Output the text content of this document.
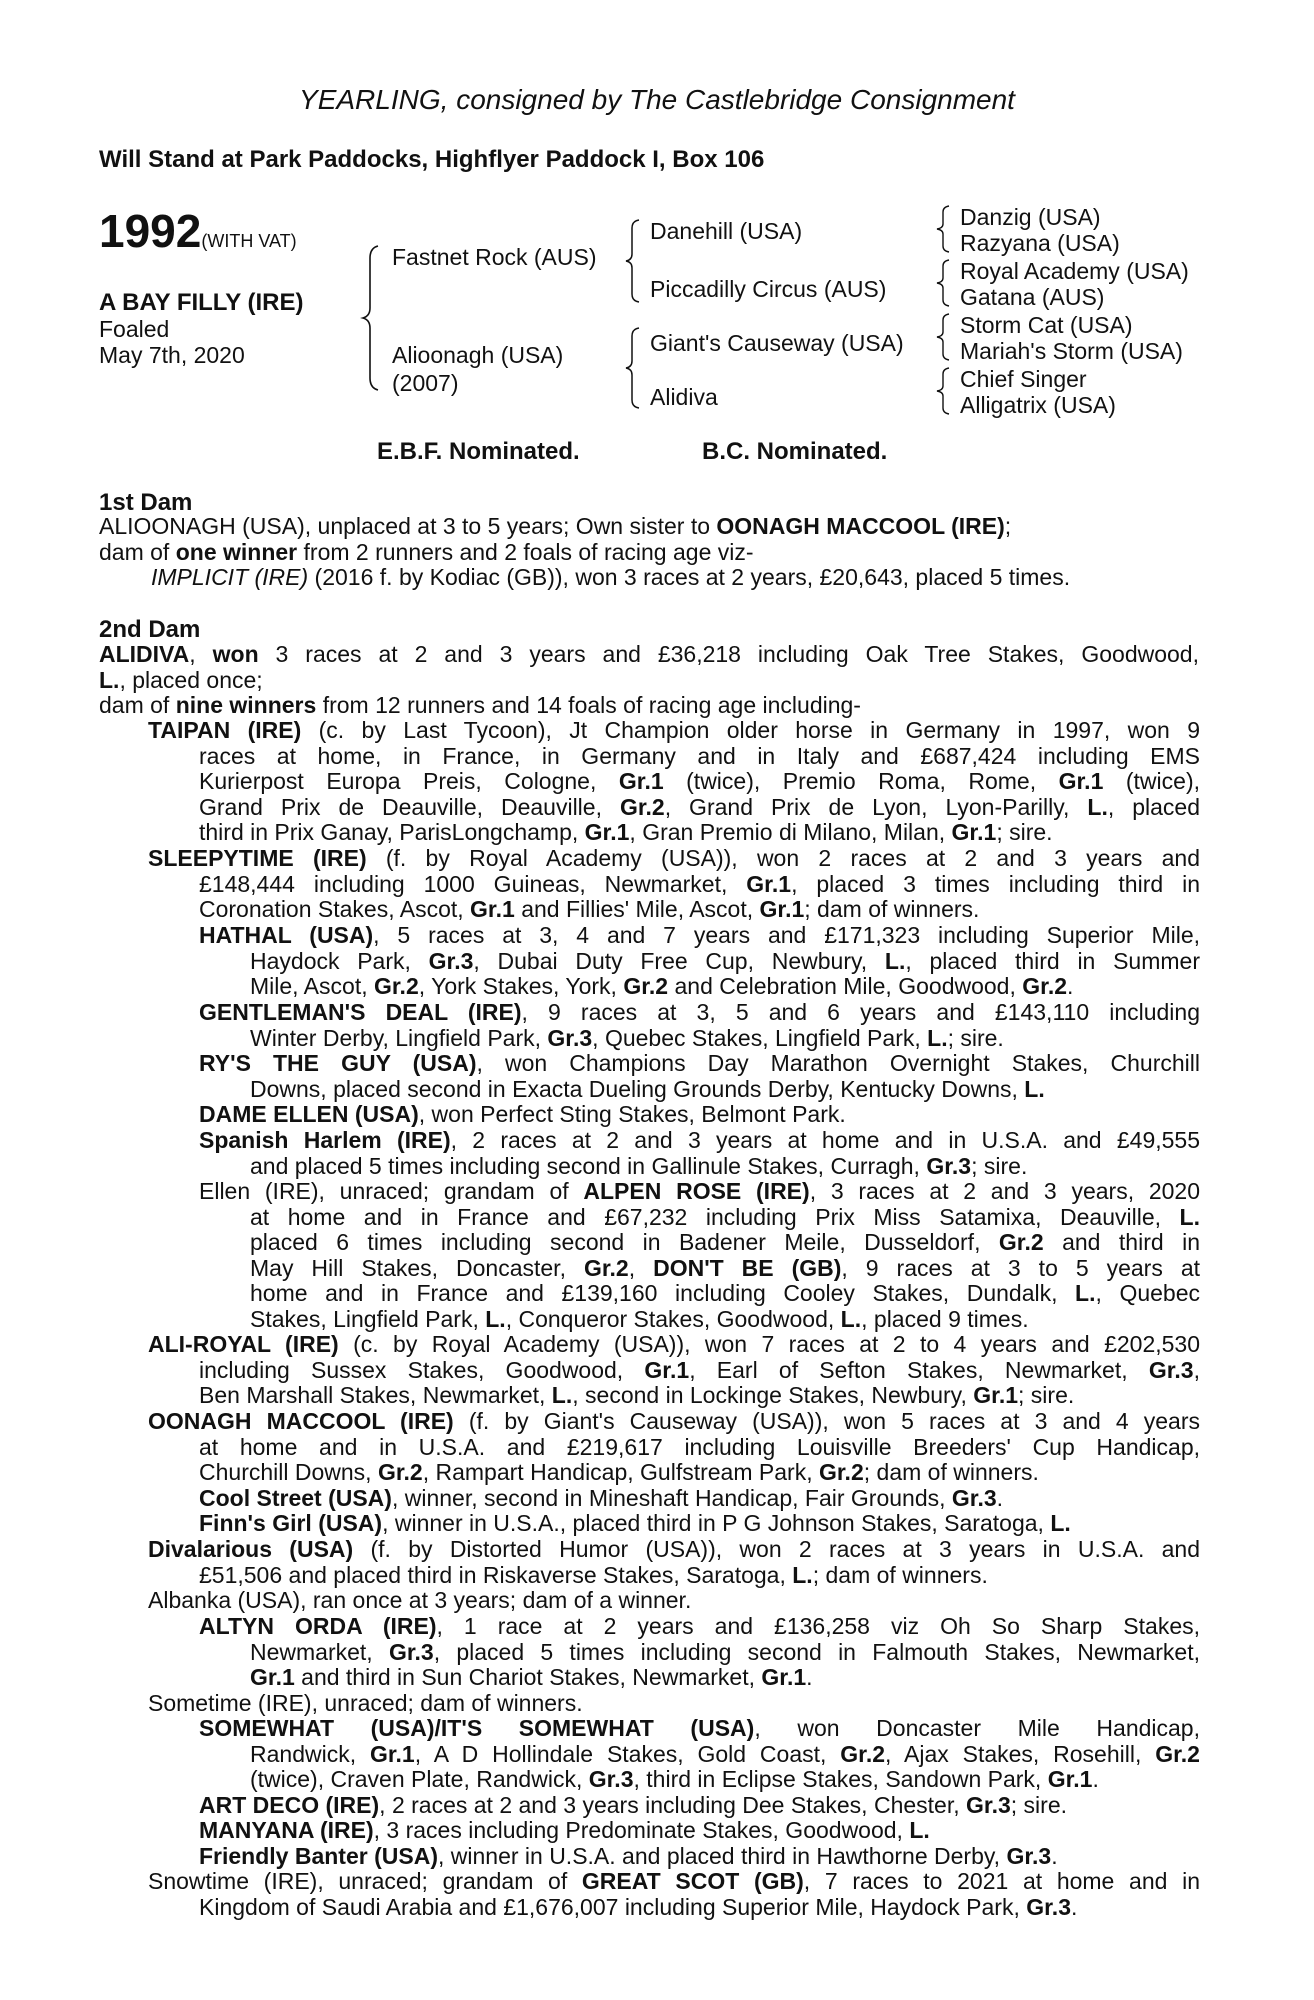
YEARLING, consigned by The Castlebridge Consignment
Will Stand at Park Paddocks, Highflyer Paddock I, Box 106
1992(WITH VAT)
A BAY FILLY (IRE)
Foaled
May 7th, 2020
Fastnet Rock (AUS)
Alioonagh (USA)
(2007)
Danehill (USA)
Piccadilly Circus (AUS)
Giant's Causeway (USA)
Alidiva
Danzig (USA)
Razyana (USA)
Royal Academy (USA)
Gatana (AUS)
Storm Cat (USA)
Mariah's Storm (USA)
Chief Singer
Alligatrix (USA)
E.B.F. Nominated.	B.C. Nominated.
1st Dam
ALIOONAGH (USA), unplaced at 3 to 5 years; Own sister to OONAGH MACCOOL (IRE);
dam of one winner from 2 runners and 2 foals of racing age viz-
IMPLICIT (IRE) (2016 f. by Kodiac (GB)), won 3 races at 2 years, £20,643, placed 5 times.
2nd Dam
ALIDIVA, won 3 races at 2 and 3 years and £36,218 including Oak Tree Stakes, Goodwood,
L., placed once;
dam of nine winners from 12 runners and 14 foals of racing age including-
TAIPAN (IRE) (c. by Last Tycoon), Jt Champion older horse in Germany in 1997, won 9
races at home, in France, in Germany and in Italy and £687,424 including EMS
Kurierpost Europa Preis, Cologne, Gr.1 (twice), Premio Roma, Rome, Gr.1 (twice),
Grand Prix de Deauville, Deauville, Gr.2, Grand Prix de Lyon, Lyon-Parilly, L., placed
third in Prix Ganay, ParisLongchamp, Gr.1, Gran Premio di Milano, Milan, Gr.1; sire.
SLEEPYTIME (IRE) (f. by Royal Academy (USA)), won 2 races at 2 and 3 years and
£148,444 including 1000 Guineas, Newmarket, Gr.1, placed 3 times including third in
Coronation Stakes, Ascot, Gr.1 and Fillies' Mile, Ascot, Gr.1; dam of winners.
HATHAL (USA), 5 races at 3, 4 and 7 years and £171,323 including Superior Mile,
Haydock Park, Gr.3, Dubai Duty Free Cup, Newbury, L., placed third in Summer
Mile, Ascot, Gr.2, York Stakes, York, Gr.2 and Celebration Mile, Goodwood, Gr.2.
GENTLEMAN'S DEAL (IRE), 9 races at 3, 5 and 6 years and £143,110 including
Winter Derby, Lingfield Park, Gr.3, Quebec Stakes, Lingfield Park, L.; sire.
RY'S THE GUY (USA), won Champions Day Marathon Overnight Stakes, Churchill
Downs, placed second in Exacta Dueling Grounds Derby, Kentucky Downs, L.
DAME ELLEN (USA), won Perfect Sting Stakes, Belmont Park.
Spanish Harlem (IRE), 2 races at 2 and 3 years at home and in U.S.A. and £49,555
and placed 5 times including second in Gallinule Stakes, Curragh, Gr.3; sire.
Ellen (IRE), unraced; grandam of ALPEN ROSE (IRE), 3 races at 2 and 3 years, 2020
at home and in France and £67,232 including Prix Miss Satamixa, Deauville, L.
placed 6 times including second in Badener Meile, Dusseldorf, Gr.2 and third in
May Hill Stakes, Doncaster, Gr.2, DON'T BE (GB), 9 races at 3 to 5 years at
home and in France and £139,160 including Cooley Stakes, Dundalk, L., Quebec
Stakes, Lingfield Park, L., Conqueror Stakes, Goodwood, L., placed 9 times.
ALI-ROYAL (IRE) (c. by Royal Academy (USA)), won 7 races at 2 to 4 years and £202,530
including Sussex Stakes, Goodwood, Gr.1, Earl of Sefton Stakes, Newmarket, Gr.3,
Ben Marshall Stakes, Newmarket, L., second in Lockinge Stakes, Newbury, Gr.1; sire.
OONAGH MACCOOL (IRE) (f. by Giant's Causeway (USA)), won 5 races at 3 and 4 years
at home and in U.S.A. and £219,617 including Louisville Breeders' Cup Handicap,
Churchill Downs, Gr.2, Rampart Handicap, Gulfstream Park, Gr.2; dam of winners.
Cool Street (USA), winner, second in Mineshaft Handicap, Fair Grounds, Gr.3.
Finn's Girl (USA), winner in U.S.A., placed third in P G Johnson Stakes, Saratoga, L.
Divalarious (USA) (f. by Distorted Humor (USA)), won 2 races at 3 years in U.S.A. and
£51,506 and placed third in Riskaverse Stakes, Saratoga, L.; dam of winners.
Albanka (USA), ran once at 3 years; dam of a winner.
ALTYN ORDA (IRE), 1 race at 2 years and £136,258 viz Oh So Sharp Stakes,
Newmarket, Gr.3, placed 5 times including second in Falmouth Stakes, Newmarket,
Gr.1 and third in Sun Chariot Stakes, Newmarket, Gr.1.
Sometime (IRE), unraced; dam of winners.
SOMEWHAT (USA)/IT'S SOMEWHAT (USA), won Doncaster Mile Handicap,
Randwick, Gr.1, A D Hollindale Stakes, Gold Coast, Gr.2, Ajax Stakes, Rosehill, Gr.2
(twice), Craven Plate, Randwick, Gr.3, third in Eclipse Stakes, Sandown Park, Gr.1.
ART DECO (IRE), 2 races at 2 and 3 years including Dee Stakes, Chester, Gr.3; sire.
MANYANA (IRE), 3 races including Predominate Stakes, Goodwood, L.
Friendly Banter (USA), winner in U.S.A. and placed third in Hawthorne Derby, Gr.3.
Snowtime (IRE), unraced; grandam of GREAT SCOT (GB), 7 races to 2021 at home and in
Kingdom of Saudi Arabia and £1,676,007 including Superior Mile, Haydock Park, Gr.3.
